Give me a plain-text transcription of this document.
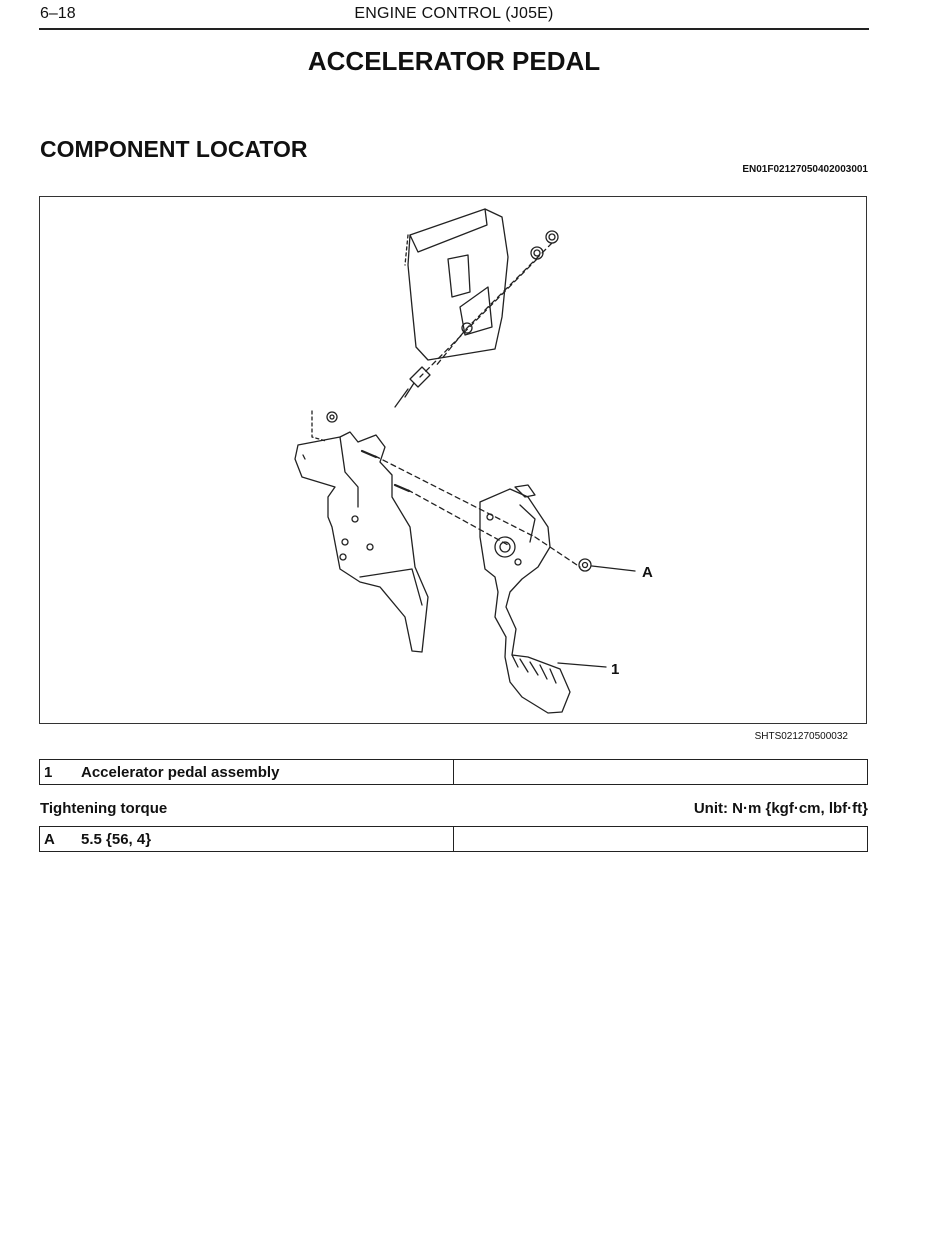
6–18	ENGINE CONTROL (J05E)
ACCELERATOR PEDAL
COMPONENT LOCATOR
EN01F02127050402003001
A
1
SHTS021270500032
1 Accelerator pedal assembly	
Tightening torque	Unit: N·m {kgf·cm, lbf·ft}
A 5.5 {56, 4}	
